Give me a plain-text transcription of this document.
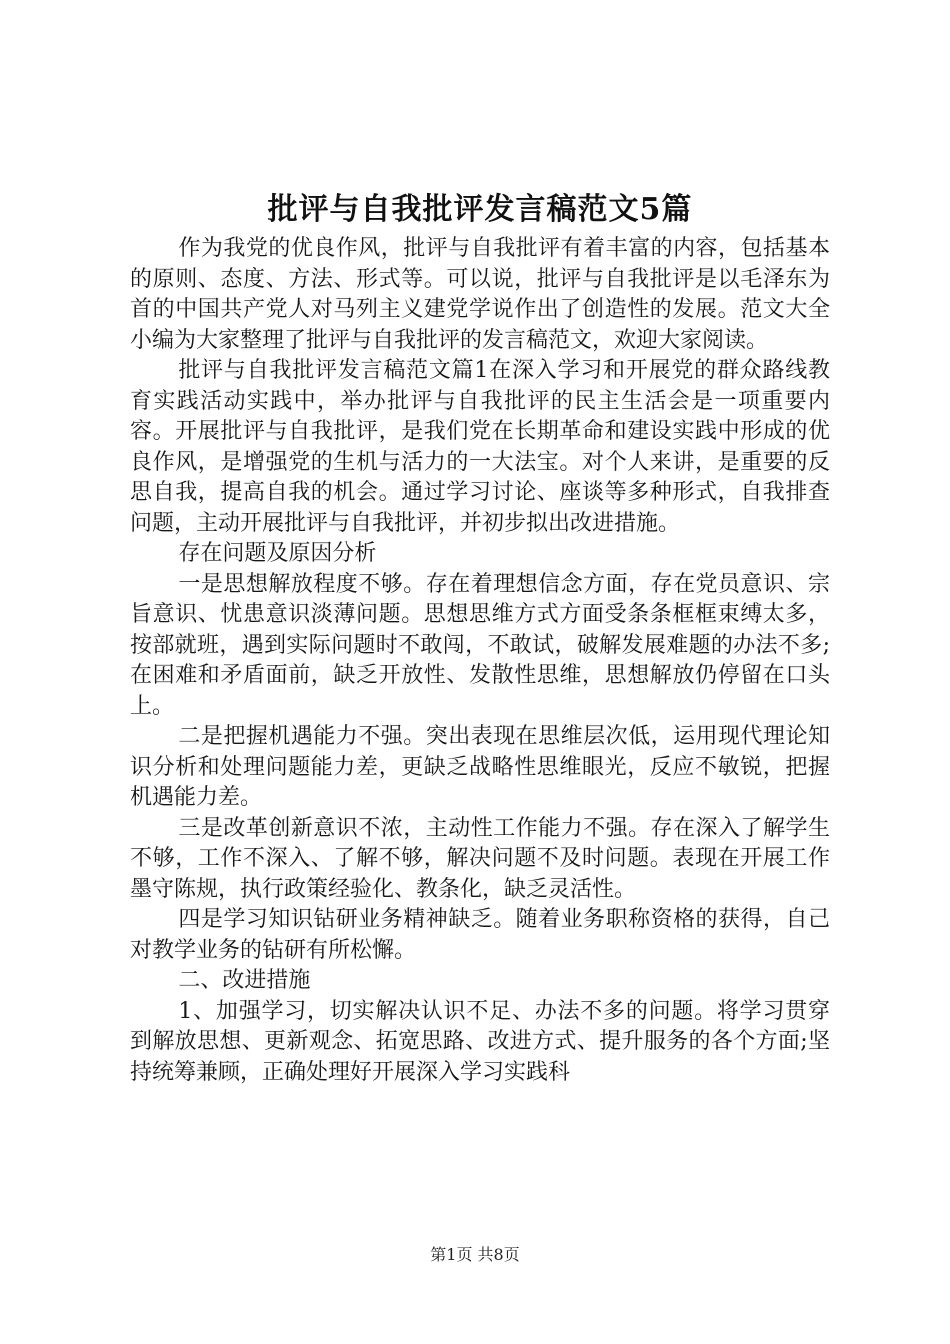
批评与自我批评发言稿范文5篇

作为我党的优良作风，批评与自我批评有着丰富的内容，包括基本的原则、态度、方法、形式等。可以说，批评与自我批评是以毛泽东为首的中国共产党人对马列主义建党学说作出了创造性的发展。范文大全小编为大家整理了批评与自我批评的发言稿范文，欢迎大家阅读。

批评与自我批评发言稿范文篇1在深入学习和开展党的群众路线教育实践活动实践中，举办批评与自我批评的民主生活会是一项重要内容。开展批评与自我批评，是我们党在长期革命和建设实践中形成的优良作风，是增强党的生机与活力的一大法宝。对个人来讲，是重要的反思自我，提高自我的机会。通过学习讨论、座谈等多种形式，自我排查问题，主动开展批评与自我批评，并初步拟出改进措施。

存在问题及原因分析

一是思想解放程度不够。存在着理想信念方面，存在党员意识、宗旨意识、忧患意识淡薄问题。思想思维方式方面受条条框框束缚太多，按部就班，遇到实际问题时不敢闯，不敢试，破解发展难题的办法不多;在困难和矛盾面前，缺乏开放性、发散性思维，思想解放仍停留在口头上。

二是把握机遇能力不强。突出表现在思维层次低，运用现代理论知识分析和处理问题能力差，更缺乏战略性思维眼光，反应不敏锐，把握机遇能力差。

三是改革创新意识不浓，主动性工作能力不强。存在深入了解学生不够，工作不深入、了解不够，解决问题不及时问题。表现在开展工作墨守陈规，执行政策经验化、教条化，缺乏灵活性。

四是学习知识钻研业务精神缺乏。随着业务职称资格的获得，自己对教学业务的钻研有所松懈。

二、改进措施

1、加强学习，切实解决认识不足、办法不多的问题。将学习贯穿到解放思想、更新观念、拓宽思路、改进方式、提升服务的各个方面;坚持统筹兼顾，正确处理好开展深入学习实践科

第1页 共8页
